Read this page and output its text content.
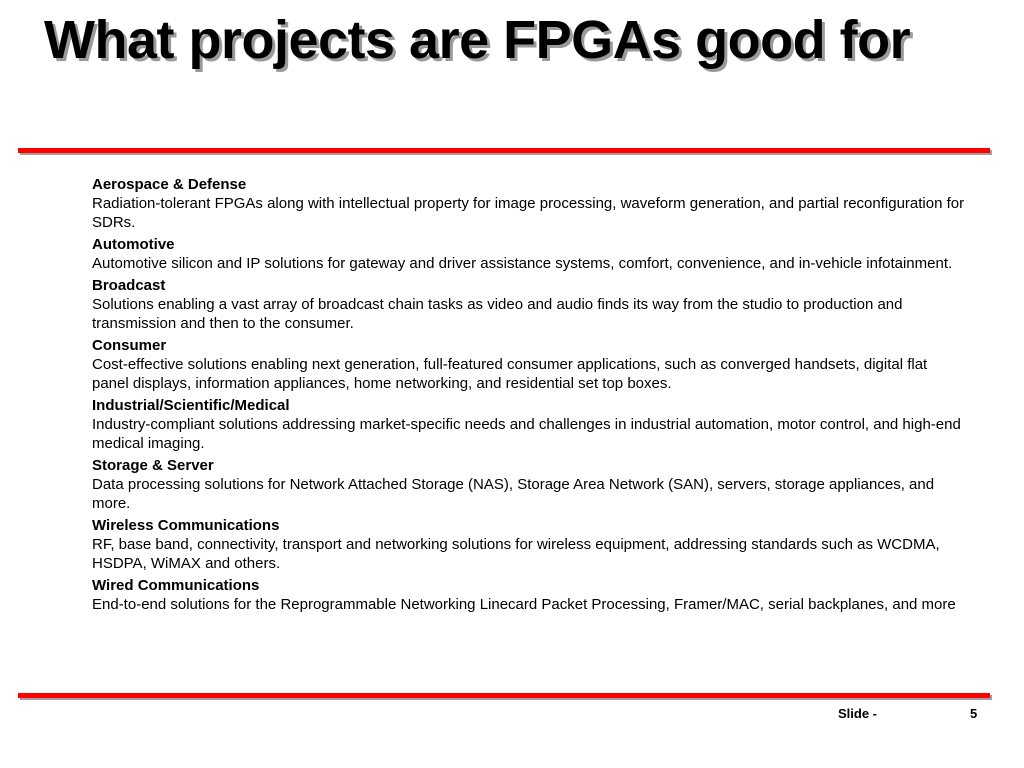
What projects are FPGAs good for
Aerospace & Defense
Radiation-tolerant FPGAs along with intellectual property for image processing, waveform generation, and partial reconfiguration for SDRs.
Automotive
Automotive silicon and IP solutions for gateway and driver assistance systems, comfort, convenience, and in-vehicle infotainment.
Broadcast
Solutions enabling a vast array of broadcast chain tasks as video and audio finds its way from the studio to production and transmission and then to the consumer.
Consumer
Cost-effective solutions enabling next generation, full-featured consumer applications, such as converged handsets, digital flat panel displays, information appliances, home networking, and residential set top boxes.
Industrial/Scientific/Medical
Industry-compliant solutions addressing market-specific needs and challenges in industrial automation, motor control, and high-end medical imaging.
Storage & Server
Data processing solutions for Network Attached Storage (NAS), Storage Area Network (SAN), servers, storage appliances, and more.
Wireless Communications
RF, base band, connectivity, transport and networking solutions for wireless equipment, addressing standards such as WCDMA, HSDPA, WiMAX and others.
Wired Communications
End-to-end solutions for the Reprogrammable Networking Linecard Packet Processing, Framer/MAC, serial backplanes, and more
Slide -	5
